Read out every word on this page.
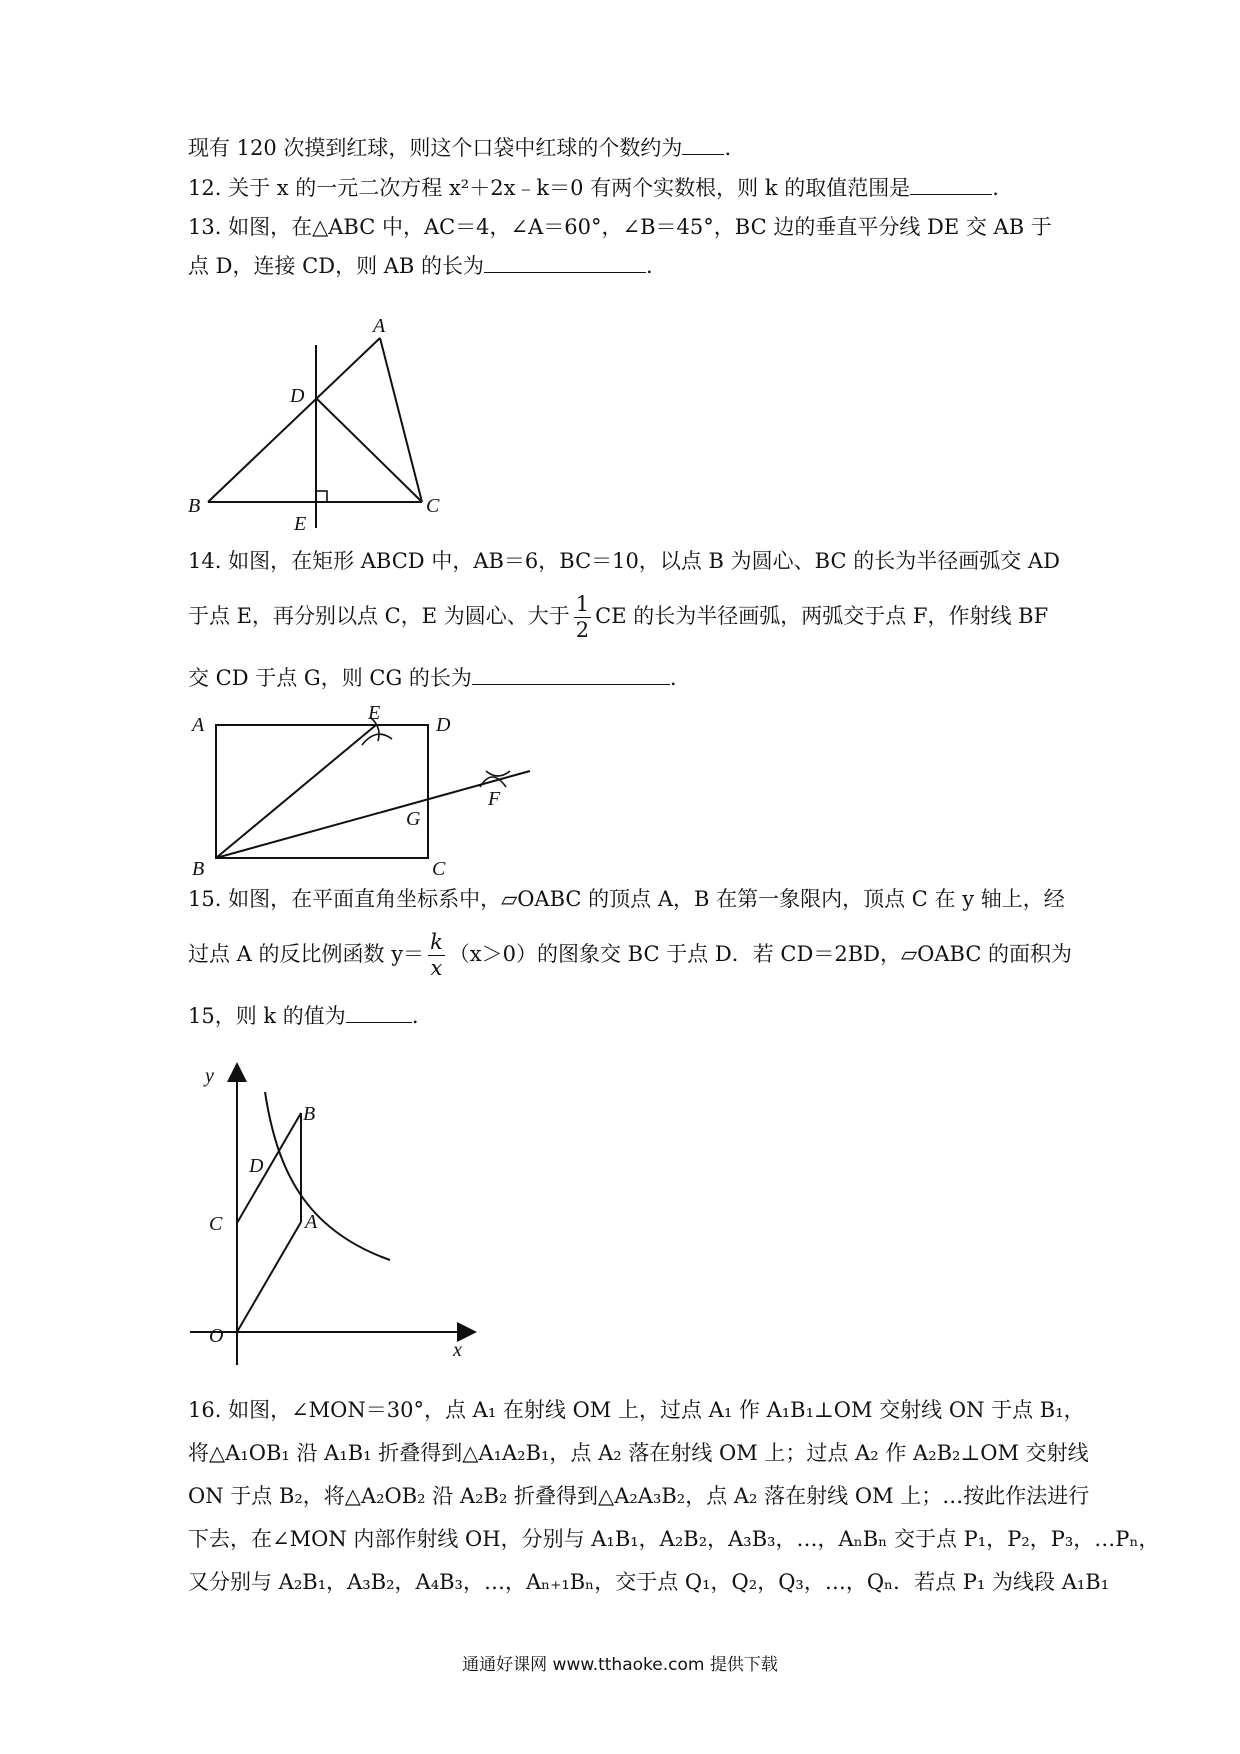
现有 120 次摸到红球，则这个口袋中红球的个数约为 .
12. 关于 x 的一元二次方程 x²＋2x﹣k＝0 有两个实数根，则 k 的取值范围是	.
13. 如图，在△ABC 中，AC＝4，∠A＝60°，∠B＝45°，BC 边的垂直平分线 DE 交 AB 于
点 D，连接 CD，则 AB 的长为	.
A
D
B	C
E
14. 如图，在矩形 ABCD 中，AB＝6，BC＝10，以点 B 为圆心、BC 的长为半径画弧交 AD
于点 E，再分别以点 C，E 为圆心、大于 $\frac{1}{2}$ CE 的长为半径画弧，两弧交于点 F，作射线 BF
交 CD 于点 G，则 CG 的长为	.
A
E
D
F
G
B	C
15. 如图，在平面直角坐标系中，▱OABC 的顶点 A，B 在第一象限内，顶点 C 在 y 轴上，经
过点 A 的反比例函数 $y= \frac{k}{x} (x>0)$的图象交 BC 于点 D．若 CD＝2BD，▱OABC 的面积为
15，则 k 的值为	.
y
B
D
A
C
O
x
16. 如图，∠MON＝30°，点 A₁ 在射线 OM 上，过点 A₁ 作 A₁B₁⊥OM 交射线 ON 于点 B₁，
将△A₁OB₁ 沿 A₁B₁ 折叠得到△A₁A₂B₁，点 A₂ 落在射线 OM 上；过点 A₂ 作 A₂B₂⊥OM 交射线
ON 于点 B₂，将△A₂OB₂ 沿 A₂B₂ 折叠得到△A₂A₃B₂，点 A₂ 落在射线 OM 上；…按此作法进行
下去，在∠MON 内部作射线 OH，分别与 A₁B₁，A₂B₂，A₃B₃，…，AₙBₙ 交于点 P₁，P₂，P₃，…Pₙ，
又分别与 A₂B₁，A₃B₂，A₄B₃，…，Aₙ₊₁Bₙ，交于点 Q₁，Q₂，Q₃，…，Qₙ．若点 P₁ 为线段 A₁B₁
通通好课网 www.tthaoke.com 提供下载
